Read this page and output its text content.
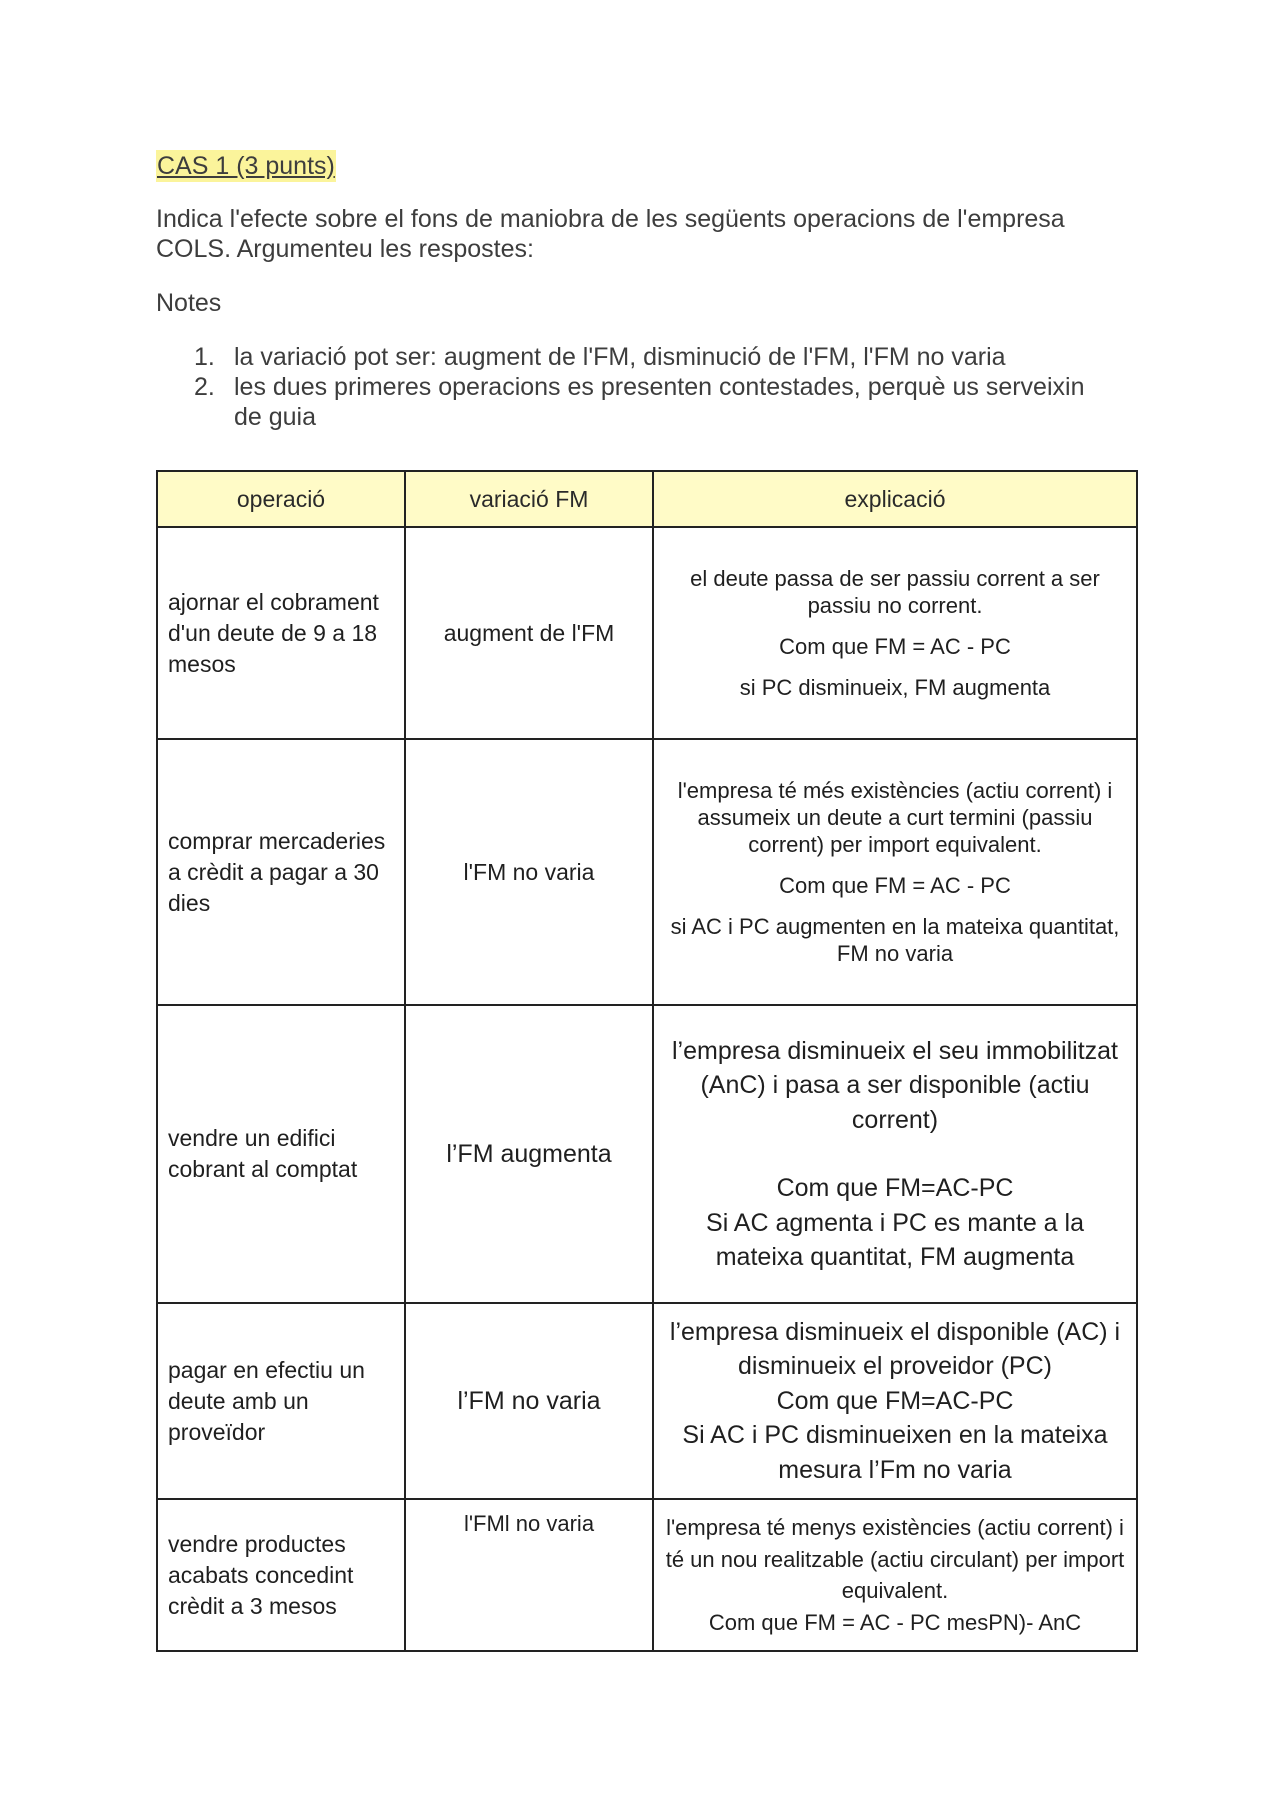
CAS 1 (3 punts)
Indica l'efecte sobre el fons de maniobra de les següents operacions de l'empresa COLS. Argumenteu les respostes:
Notes
1. la variació pot ser: augment de l'FM, disminució de l'FM, l'FM no varia
2. les dues primeres operacions es presenten contestades, perquè us serveixin de guia
operació	variació FM	explicació
ajornar el cobrament d'un deute de 9 a 18 mesos	augment de l'FM	el deute passa de ser passiu corrent a ser passiu no corrent.

Com que FM = AC - PC

si PC disminueix, FM augmenta

comprar mercaderies a crèdit a pagar a 30 dies	l'FM no varia	l'empresa té més existències (actiu corrent) i assumeix un deute a curt termini (passiu corrent) per import equivalent.

Com que FM = AC - PC

si AC i PC augmenten en la mateixa quantitat, FM no varia

vendre un edifici cobrant al comptat	l’FM augmenta	l’empresa disminueix el seu immobilitzat (AnC) i pasa a ser disponible (actiu corrent)

Com que FM=AC-PC
Si AC agmenta i PC es mante a la mateixa quantitat, FM augmenta

pagar en efectiu un deute amb un proveïdor	l’FM no varia	l’empresa disminueix el disponible (AC) i disminueix el proveidor (PC)
Com que FM=AC-PC
Si AC i PC disminueixen en la mateixa mesura l’Fm no varia

vendre productes acabats concedint crèdit a 3 mesos	l'FMl no varia	l'empresa té menys existències (actiu corrent) i té un nou realitzable (actiu circulant) per import equivalent.
Com que FM = AC - PC mesPN)- AnC
